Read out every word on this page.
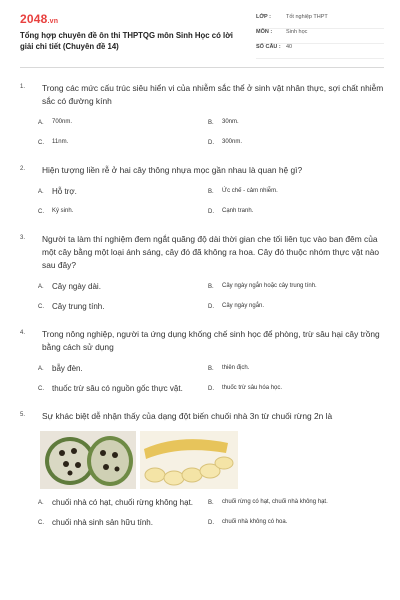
2048.vn
Tổng hợp chuyên đề ôn thi THPTQG môn Sinh Học có lời giải chi tiết (Chuyên đề 14)
LỚP :	Tốt nghiệp THPT
MÔN :	Sinh học
SỐ CÂU : 40
1.	Trong các mức cấu trúc siêu hiển vi của nhiễm sắc thể ở sinh vật nhân thực, sợi chất nhiễm sắc có đường kính
A.	700nm.	B.	30nm.
C.	11nm.	D.	300nm.
2.	Hiện tượng liền rễ ở hai cây thông nhựa mọc gần nhau là quan hệ gì?
A.	Hỗ trợ.	B.	Ức chế - cảm nhiễm.
C.	Ký sinh.	D.	Cạnh tranh.
3.	Người ta làm thí nghiệm đem ngắt quãng độ dài thời gian che tối liên tục vào ban đêm của một cây bằng một loại ánh sáng, cây đó đã không ra hoa. Cây đó thuộc nhóm thực vật nào sau đây?
A.	Cây ngày dài.	B.	Cây ngày ngắn hoặc cây trung tính.
C.	Cây trung tính.	D.	Cây ngày ngắn.
4.	Trong nông nghiệp, người ta ứng dụng khống chế sinh học để phòng, trừ sâu hại cây trồng bằng cách sử dụng
A.	bẫy đèn.	B.	thiên địch.
C.	thuốc trừ sâu có nguồn gốc thực vật.	D.	thuốc trừ sâu hóa học.
5.	Sự khác biệt dễ nhận thấy của dạng đột biến chuối nhà 3n từ chuối rừng 2n là
A.	chuối nhà có hạt, chuối rừng không hạt.	B.	chuối rừng có hạt, chuối nhà không hạt.
C.	chuối nhà sinh sản hữu tính.	D.	chuối nhà không có hoa.
